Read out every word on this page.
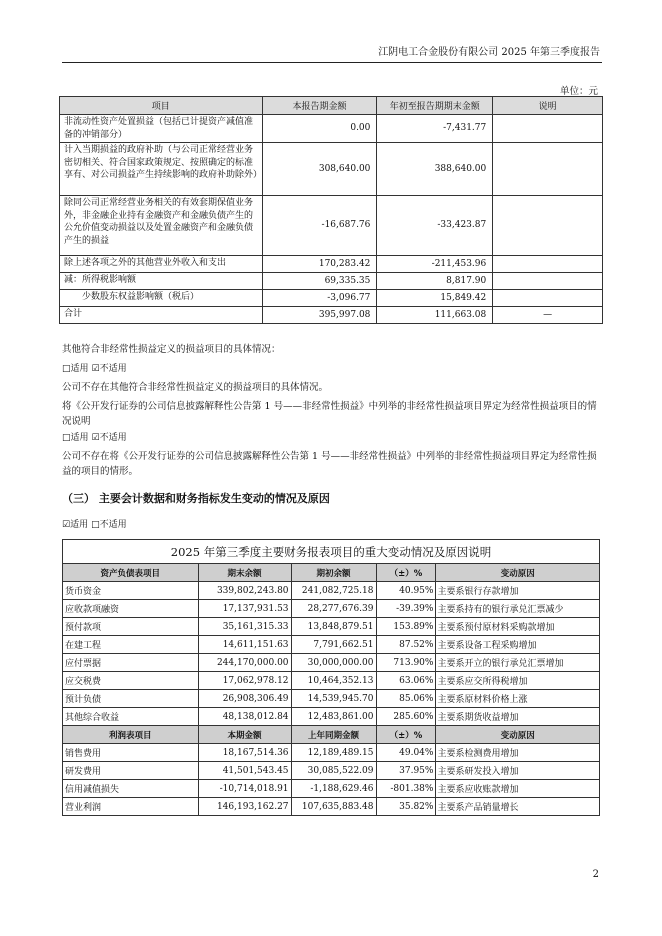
江阴电工合金股份有限公司 2025 年第三季度报告
单位：元
项目	本报告期金额	年初至报告期期末金额	说明
非流动性资产处置损益（包括已计提资产减值准备的冲销部分）	0.00	-7,431.77	
计入当期损益的政府补助（与公司正常经营业务密切相关、符合国家政策规定、按照确定的标准享有、对公司损益产生持续影响的政府补助除外）	308,640.00	388,640.00	
除同公司正常经营业务相关的有效套期保值业务外，非金融企业持有金融资产和金融负债产生的公允价值变动损益以及处置金融资产和金融负债产生的损益	-16,687.76	-33,423.87	
除上述各项之外的其他营业外收入和支出	170,283.42	-211,453.96	
减：所得税影响额	69,335.35	8,817.90	
少数股东权益影响额（税后）	-3,096.77	15,849.42	
合计	395,997.08	111,663.08	—
其他符合非经常性损益定义的损益项目的具体情况：
□适用 ☑不适用
公司不存在其他符合非经常性损益定义的损益项目的具体情况。
将《公开发行证券的公司信息披露解释性公告第 1 号——非经常性损益》中列举的非经常性损益项目界定为经常性损益项目的情况说明
□适用 ☑不适用
公司不存在将《公开发行证券的公司信息披露解释性公告第 1 号——非经常性损益》中列举的非经常性损益项目界定为经常性损益的项目的情形。
（三） 主要会计数据和财务指标发生变动的情况及原因
☑适用 □不适用
2025 年第三季度主要财务报表项目的重大变动情况及原因说明				
资产负债表项目	期末余额	期初余额	（±）%	变动原因
货币资金	339,802,243.80	241,082,725.18	40.95%	主要系银行存款增加
应收款项融资	17,137,931.53	28,277,676.39	-39.39%	主要系持有的银行承兑汇票减少
预付款项	35,161,315.33	13,848,879.51	153.89%	主要系预付原材料采购款增加
在建工程	14,611,151.63	7,791,662.51	87.52%	主要系设备工程采购增加
应付票据	244,170,000.00	30,000,000.00	713.90%	主要系开立的银行承兑汇票增加
应交税费	17,062,978.12	10,464,352.13	63.06%	主要系应交所得税增加
预计负债	26,908,306.49	14,539,945.70	85.06%	主要系原材料价格上涨
其他综合收益	48,138,012.84	12,483,861.00	285.60%	主要系期货收益增加
利润表项目	本期金额	上年同期金额	（±）%	变动原因
销售费用	18,167,514.36	12,189,489.15	49.04%	主要系检测费用增加
研发费用	41,501,543.45	30,085,522.09	37.95%	主要系研发投入增加
信用减值损失	-10,714,018.91	-1,188,629.46	-801.38%	主要系应收账款增加
营业利润	146,193,162.27	107,635,883.48	35.82%	主要系产品销量增长
2
